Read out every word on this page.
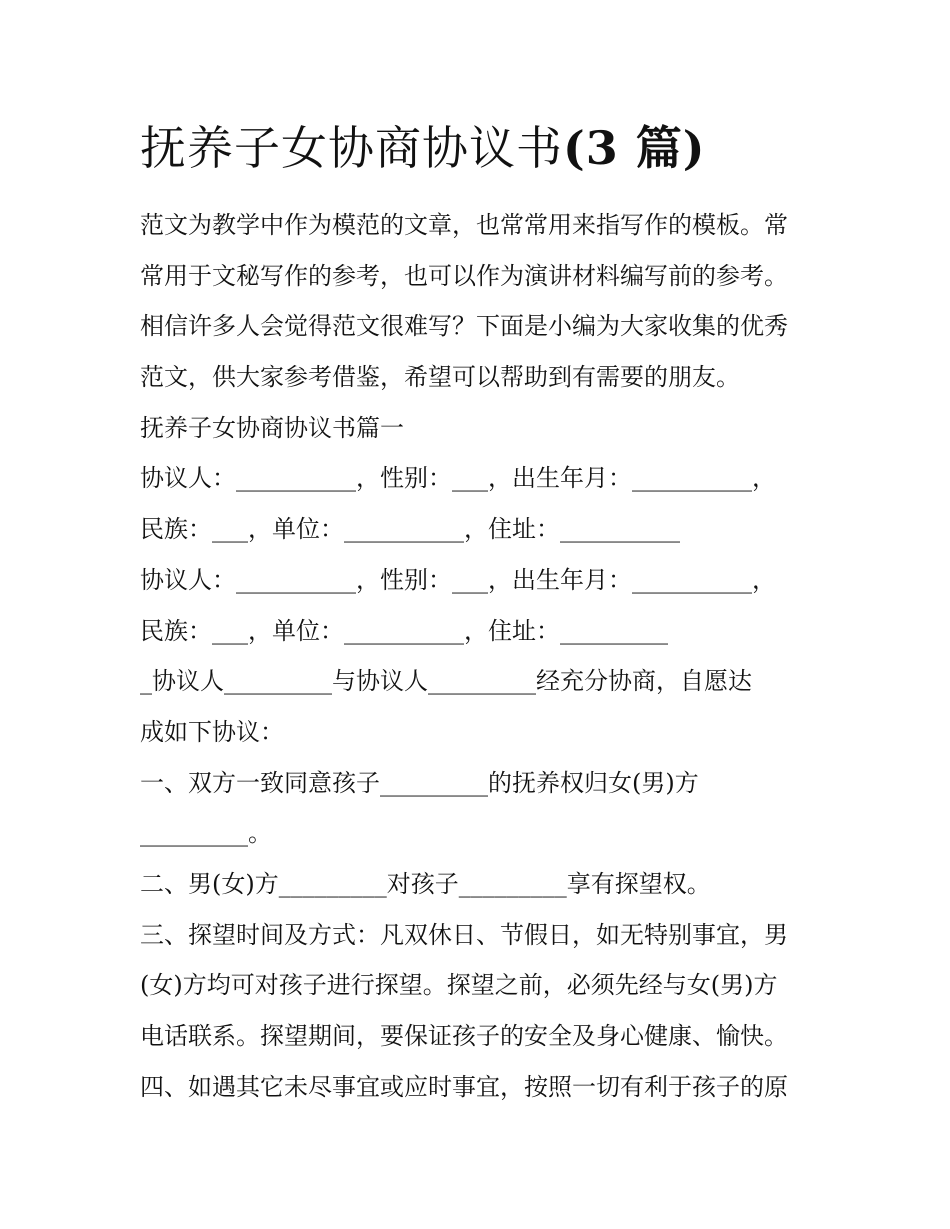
抚养子女协商协议书(3 篇)

范文为教学中作为模范的文章，也常常用来指写作的模板。常

常用于文秘写作的参考，也可以作为演讲材料编写前的参考。

相信许多人会觉得范文很难写？下面是小编为大家收集的优秀

范文，供大家参考借鉴，希望可以帮助到有需要的朋友。

抚养子女协商协议书篇一

协议人：__________，性别：___，出生年月：__________，

民族：___，单位：__________，住址：__________

协议人：__________，性别：___，出生年月：__________，

民族：___，单位：__________，住址：_________

_协议人_________与协议人_________经充分协商，自愿达

成如下协议：

一、双方一致同意孩子_________的抚养权归女(男)方

_________。

二、男(女)方_________对孩子_________享有探望权。

三、探望时间及方式：凡双休日、节假日，如无特别事宜，男

(女)方均可对孩子进行探望。探望之前，必须先经与女(男)方

电话联系。探望期间，要保证孩子的安全及身心健康、愉快。

四、如遇其它未尽事宜或应时事宜，按照一切有利于孩子的原
